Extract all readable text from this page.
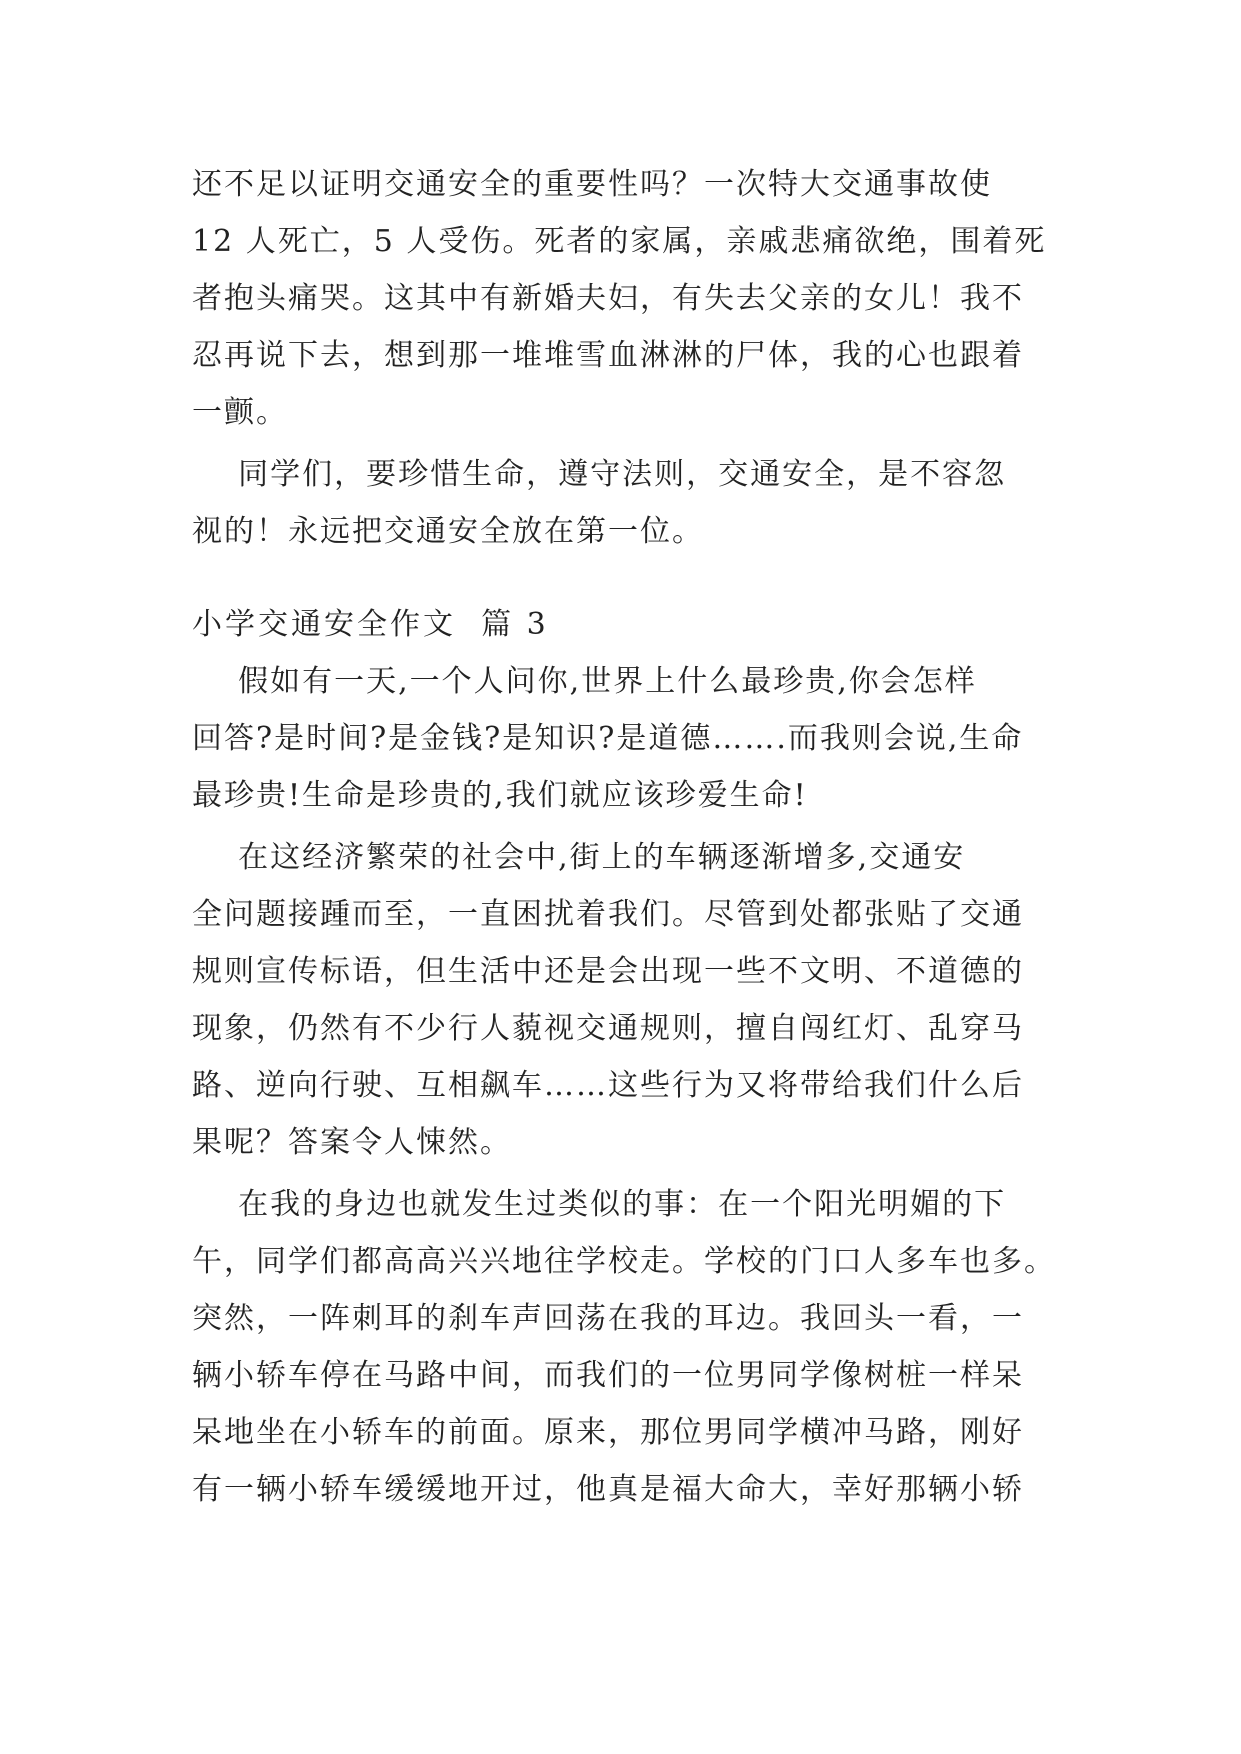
还不足以证明交通安全的重要性吗？一次特大交通事故使
12 人死亡，5 人受伤。死者的家属，亲戚悲痛欲绝，围着死
者抱头痛哭。这其中有新婚夫妇，有失去父亲的女儿！我不
忍再说下去，想到那一堆堆雪血淋淋的尸体，我的心也跟着
一颤。
同学们，要珍惜生命，遵守法则，交通安全，是不容忽
视的！永远把交通安全放在第一位。
小学交通安全作文  篇 3
假如有一天,一个人问你,世界上什么最珍贵,你会怎样
回答?是时间?是金钱?是知识?是道德…….而我则会说,生命
最珍贵!生命是珍贵的,我们就应该珍爱生命!
在这经济繁荣的社会中,街上的车辆逐渐增多,交通安
全问题接踵而至，一直困扰着我们。尽管到处都张贴了交通
规则宣传标语，但生活中还是会出现一些不文明、不道德的
现象，仍然有不少行人藐视交通规则，擅自闯红灯、乱穿马
路、逆向行驶、互相飙车……这些行为又将带给我们什么后
果呢？答案令人悚然。
在我的身边也就发生过类似的事：在一个阳光明媚的下
午，同学们都高高兴兴地往学校走。学校的门口人多车也多。
突然，一阵刺耳的刹车声回荡在我的耳边。我回头一看，一
辆小轿车停在马路中间，而我们的一位男同学像树桩一样呆
呆地坐在小轿车的前面。原来，那位男同学横冲马路，刚好
有一辆小轿车缓缓地开过，他真是福大命大，幸好那辆小轿
